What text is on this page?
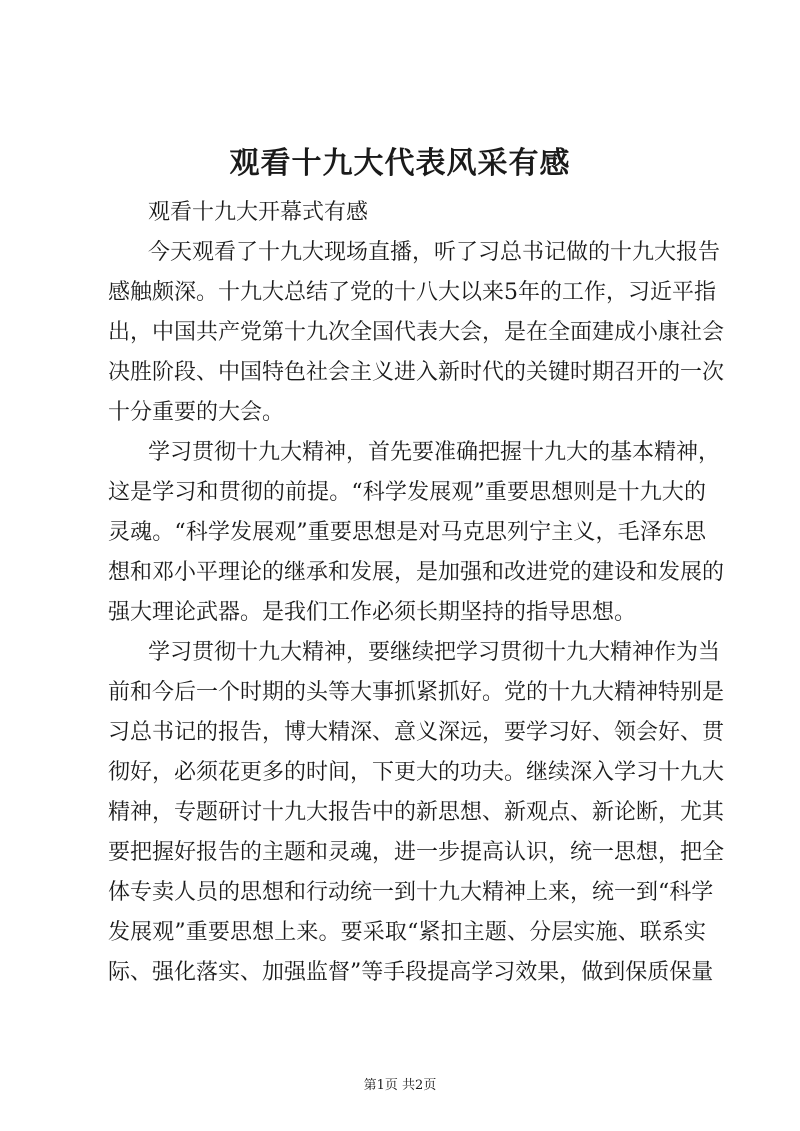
观看十九大代表风采有感
观看十九大开幕式有感
今天观看了十九大现场直播，听了习总书记做的十九大报告
感触颇深。十九大总结了党的十八大以来5年的工作，习近平指
出，中国共产党第十九次全国代表大会，是在全面建成小康社会
决胜阶段、中国特色社会主义进入新时代的关键时期召开的一次
十分重要的大会。
学习贯彻十九大精神，首先要准确把握十九大的基本精神，
这是学习和贯彻的前提。“科学发展观”重要思想则是十九大的
灵魂。“科学发展观”重要思想是对马克思列宁主义，毛泽东思
想和邓小平理论的继承和发展，是加强和改进党的建设和发展的
强大理论武器。是我们工作必须长期坚持的指导思想。
学习贯彻十九大精神，要继续把学习贯彻十九大精神作为当
前和今后一个时期的头等大事抓紧抓好。党的十九大精神特别是
习总书记的报告，博大精深、意义深远，要学习好、领会好、贯
彻好，必须花更多的时间，下更大的功夫。继续深入学习十九大
精神，专题研讨十九大报告中的新思想、新观点、新论断，尤其
要把握好报告的主题和灵魂，进一步提高认识，统一思想，把全
体专卖人员的思想和行动统一到十九大精神上来，统一到“科学
发展观”重要思想上来。要采取“紧扣主题、分层实施、联系实
际、强化落实、加强监督”等手段提高学习效果，做到保质保量
第1页 共2页
